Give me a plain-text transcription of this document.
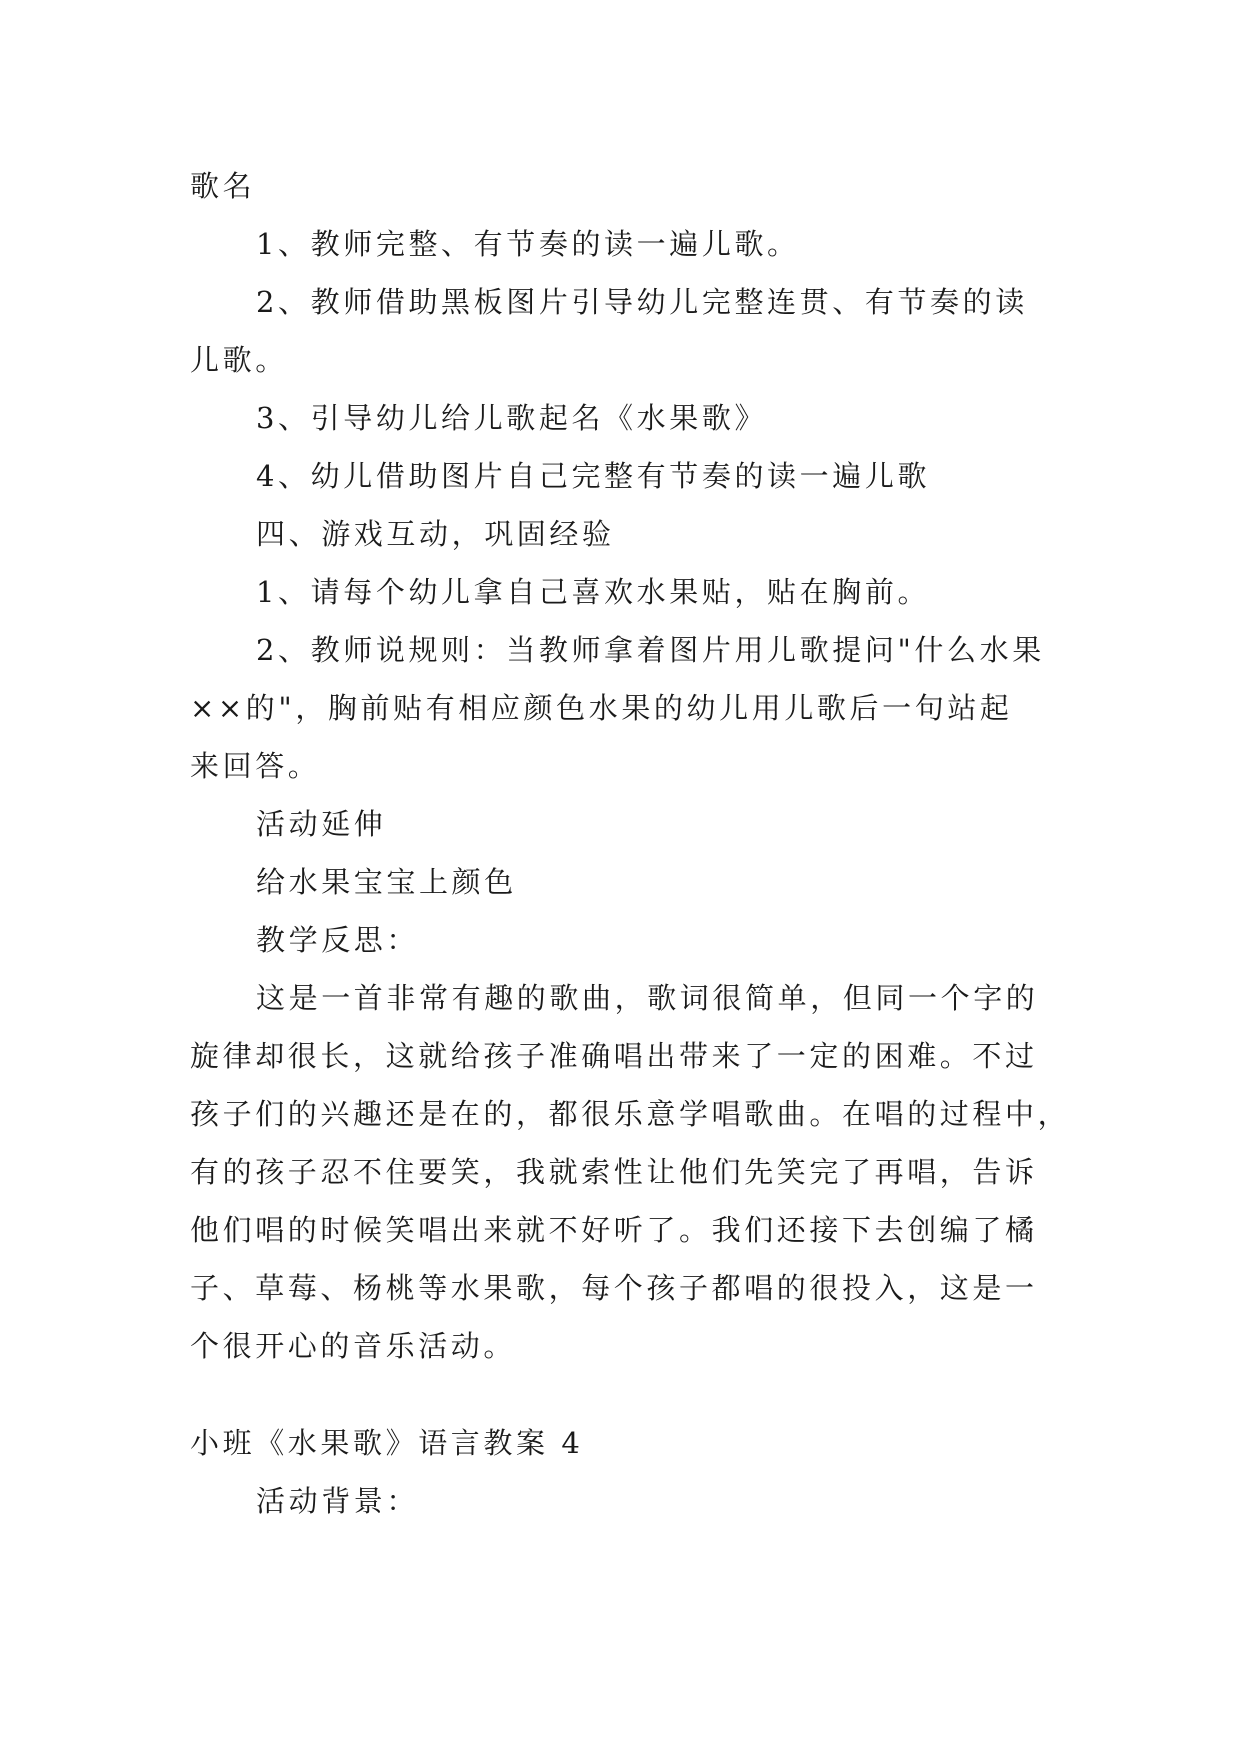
歌名
1、教师完整、有节奏的读一遍儿歌。
2、教师借助黑板图片引导幼儿完整连贯、有节奏的读
儿歌。
3、引导幼儿给儿歌起名《水果歌》
4、幼儿借助图片自己完整有节奏的读一遍儿歌
四、游戏互动，巩固经验
1、请每个幼儿拿自己喜欢水果贴，贴在胸前。
2、教师说规则：当教师拿着图片用儿歌提问"什么水果
××的"，胸前贴有相应颜色水果的幼儿用儿歌后一句站起
来回答。
活动延伸
给水果宝宝上颜色
教学反思：
这是一首非常有趣的歌曲，歌词很简单，但同一个字的
旋律却很长，这就给孩子准确唱出带来了一定的困难。不过
孩子们的兴趣还是在的，都很乐意学唱歌曲。在唱的过程中，
有的孩子忍不住要笑，我就索性让他们先笑完了再唱，告诉
他们唱的时候笑唱出来就不好听了。我们还接下去创编了橘
子、草莓、杨桃等水果歌，每个孩子都唱的很投入，这是一
个很开心的音乐活动。
小班《水果歌》语言教案 4
活动背景：
